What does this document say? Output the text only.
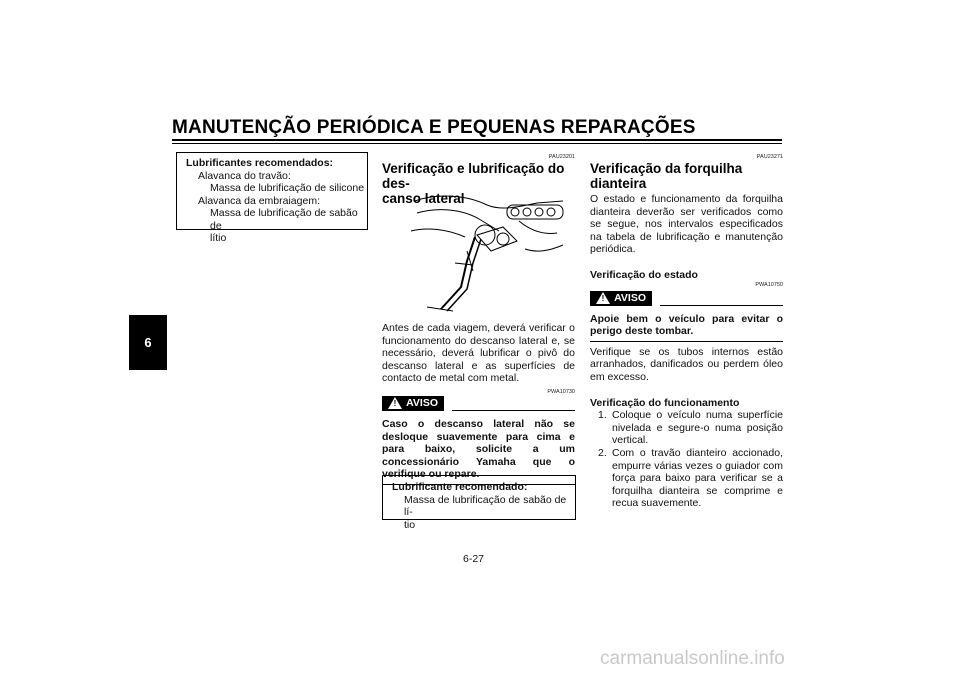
MANUTENÇÃO PERIÓDICA E PEQUENAS REPARAÇÕES
6
Lubrificantes recomendados:
Alavanca do travão:
Massa de lubrificação de silicone
Alavanca da embraiagem:
Massa de lubrificação de sabão de
lítio
PAU23201
Verificação e lubrificação do des-
canso lateral
Antes de cada viagem, deverá verificar o funcionamento do descanso lateral e, se necessário, deverá lubrificar o pivô do descanso lateral e as superfícies de contacto de metal com metal.
PWA10730
! AVISO
Caso o descanso lateral não se desloque suavemente para cima e para baixo, solicite a um concessionário Yamaha que o verifique ou repare.
Lubrificante recomendado:
Massa de lubrificação de sabão de lí-
tio
PAU23271
Verificação da forquilha dianteira
O estado e funcionamento da forquilha dianteira deverão ser verificados como se segue, nos intervalos especificados na tabela de lubrificação e manutenção periódica.
Verificação do estado
PWA10750
! AVISO
Apoie bem o veículo para evitar o perigo deste tombar.
Verifique se os tubos internos estão arranhados, danificados ou perdem óleo em excesso.
Verificação do funcionamento
1. Coloque o veículo numa superfície nivelada e segure-o numa posição vertical.
2. Com o travão dianteiro accionado, empurre várias vezes o guiador com força para baixo para verificar se a forquilha dianteira se comprime e recua suavemente.
6-27
carmanualsonline.info
